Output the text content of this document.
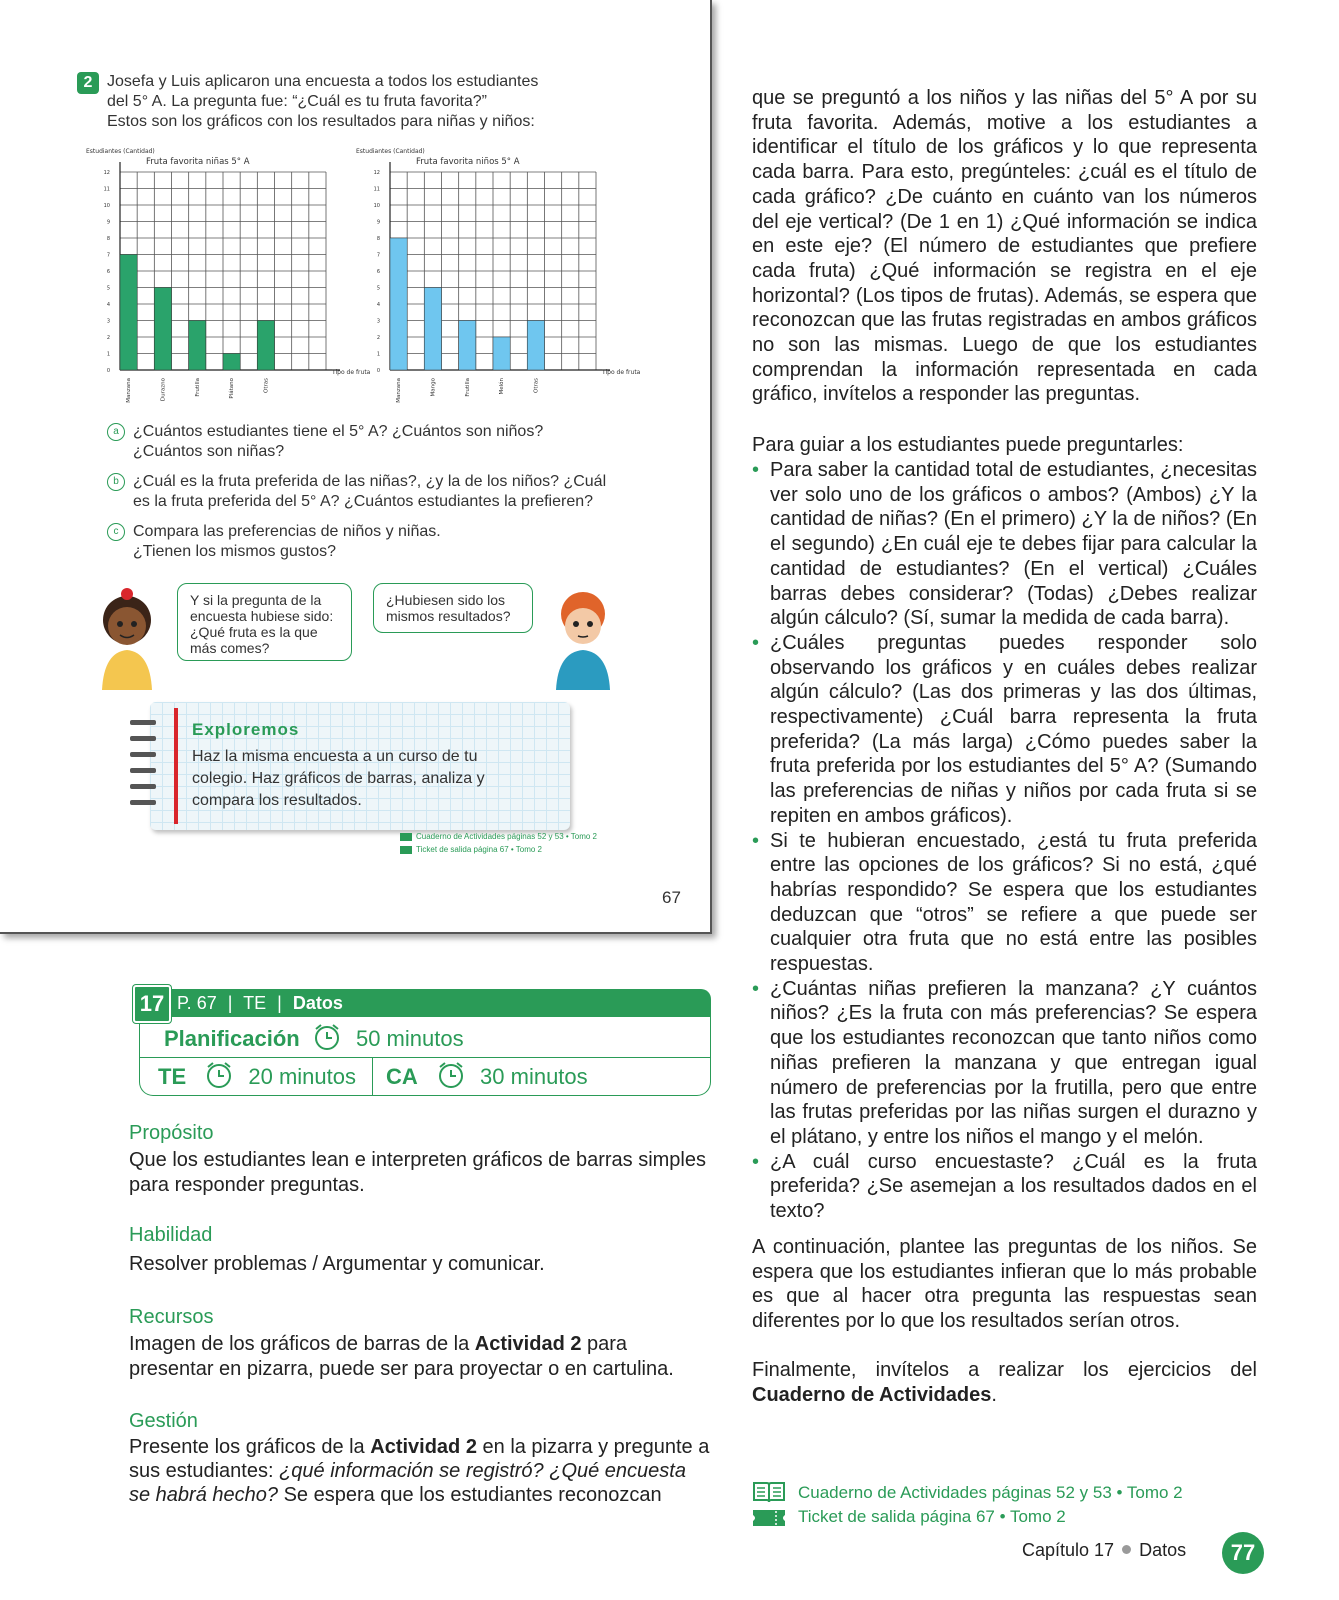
2 Josefa y Luis aplicaron una encuesta a todos los estudiantes
del 5° A. La pregunta fue: “¿Cuál es tu fruta favorita?”
Estos son los gráficos con los resultados para niñas y niños:
0
1
2
3
4
5
6
7
8
9
10
11
12
Estudiantes (Cantidad)
Fruta favorita niñas 5° A
Tipo de fruta
Manzana	Durazno	Frutilla	Plátano	Otras
0
1
2
3
4
5
6
7
8
9
10
11
12
Estudiantes (Cantidad)
Fruta favorita niños 5° A
Tipo de fruta
Manzana	Mango	Frutilla	Melón	Otras
a ¿Cuántos estudiantes tiene el 5° A? ¿Cuántos son niños? ¿Cuántos son niñas?
b ¿Cuál es la fruta preferida de las niñas?, ¿y la de los niños? ¿Cuál es la fruta preferida del 5° A? ¿Cuántos estudiantes la prefieren?
c Compara las preferencias de niños y niñas. ¿Tienen los mismos gustos?
Y si la pregunta de la encuesta hubiese sido: ¿Qué fruta es la que más comes?
¿Hubiesen sido los mismos resultados?
Exploremos
Haz la misma encuesta a un curso de tu colegio. Haz gráficos de barras, analiza y compara los resultados.
Cuaderno de Actividades páginas 52 y 53 • Tomo 2
Ticket de salida página 67 • Tomo 2
67
17 P. 67 | TE | Datos
Planificación	50 minutos
TE	20 minutos CA	30 minutos
Propósito
Que los estudiantes lean e interpreten gráficos de barras simples para responder preguntas.
Habilidad
Resolver problemas / Argumentar y comunicar.
Recursos
Imagen de los gráficos de barras de la Actividad 2 para presentar en pizarra, puede ser para proyectar o en cartulina.
Gestión
Presente los gráficos de la Actividad 2 en la pizarra y pregunte a sus estudiantes: ¿qué información se registró? ¿Qué encuesta se habrá hecho? Se espera que los estudiantes reconozcan
que se preguntó a los niños y las niñas del 5° A por su fruta favorita. Además, motive a los estudiantes a identificar el título de los gráficos y lo que representa cada barra. Para esto, pregúnteles: ¿cuál es el título de cada gráfico? ¿De cuánto en cuánto van los números del eje vertical? (De 1 en 1) ¿Qué información se indica en este eje? (El número de estudiantes que prefiere cada fruta) ¿Qué información se registra en el eje horizontal? (Los tipos de frutas). Además, se espera que reconozcan que las frutas registradas en ambos gráficos no son las mismas. Luego de que los estudiantes comprendan la información representada en cada gráfico, invítelos a responder las preguntas.
Para guiar a los estudiantes puede preguntarles:
• Para saber la cantidad total de estudiantes, ¿necesitas ver solo uno de los gráficos o ambos? (Ambos) ¿Y la cantidad de niñas? (En el primero) ¿Y la de niños? (En el segundo) ¿En cuál eje te debes fijar para calcular la cantidad de estudiantes? (En el vertical) ¿Cuáles barras debes considerar? (Todas) ¿Debes realizar algún cálculo? (Sí, sumar la medida de cada barra).
• ¿Cuáles preguntas puedes responder solo observando los gráficos y en cuáles debes realizar algún cálculo? (Las dos primeras y las dos últimas, respectivamente) ¿Cuál barra representa la fruta preferida? (La más larga) ¿Cómo puedes saber la fruta preferida por los estudiantes del 5° A? (Sumando las preferencias de niñas y niños por cada fruta si se repiten en ambos gráficos).
• Si te hubieran encuestado, ¿está tu fruta preferida entre las opciones de los gráficos? Si no está, ¿qué habrías respondido? Se espera que los estudiantes deduzcan que “otros” se refiere a que puede ser cualquier otra fruta que no está entre las posibles respuestas.
• ¿Cuántas niñas prefieren la manzana? ¿Y cuántos niños? ¿Es la fruta con más preferencias? Se espera que los estudiantes reconozcan que tanto niños como niñas prefieren la manzana y que entregan igual número de preferencias por la frutilla, pero que entre las frutas preferidas por las niñas surgen el durazno y el plátano, y entre los niños el mango y el melón.
• ¿A cuál curso encuestaste? ¿Cuál es la fruta preferida? ¿Se asemejan a los resultados dados en el texto?
A continuación, plantee las preguntas de los niños. Se espera que los estudiantes infieran que lo más probable es que al hacer otra pregunta las respuestas sean diferentes por lo que los resultados serían otros.
Finalmente, invítelos a realizar los ejercicios del Cuaderno de Actividades.
Cuaderno de Actividades páginas 52 y 53 • Tomo 2
Ticket de salida página 67 • Tomo 2
Capítulo 17 Datos	77
